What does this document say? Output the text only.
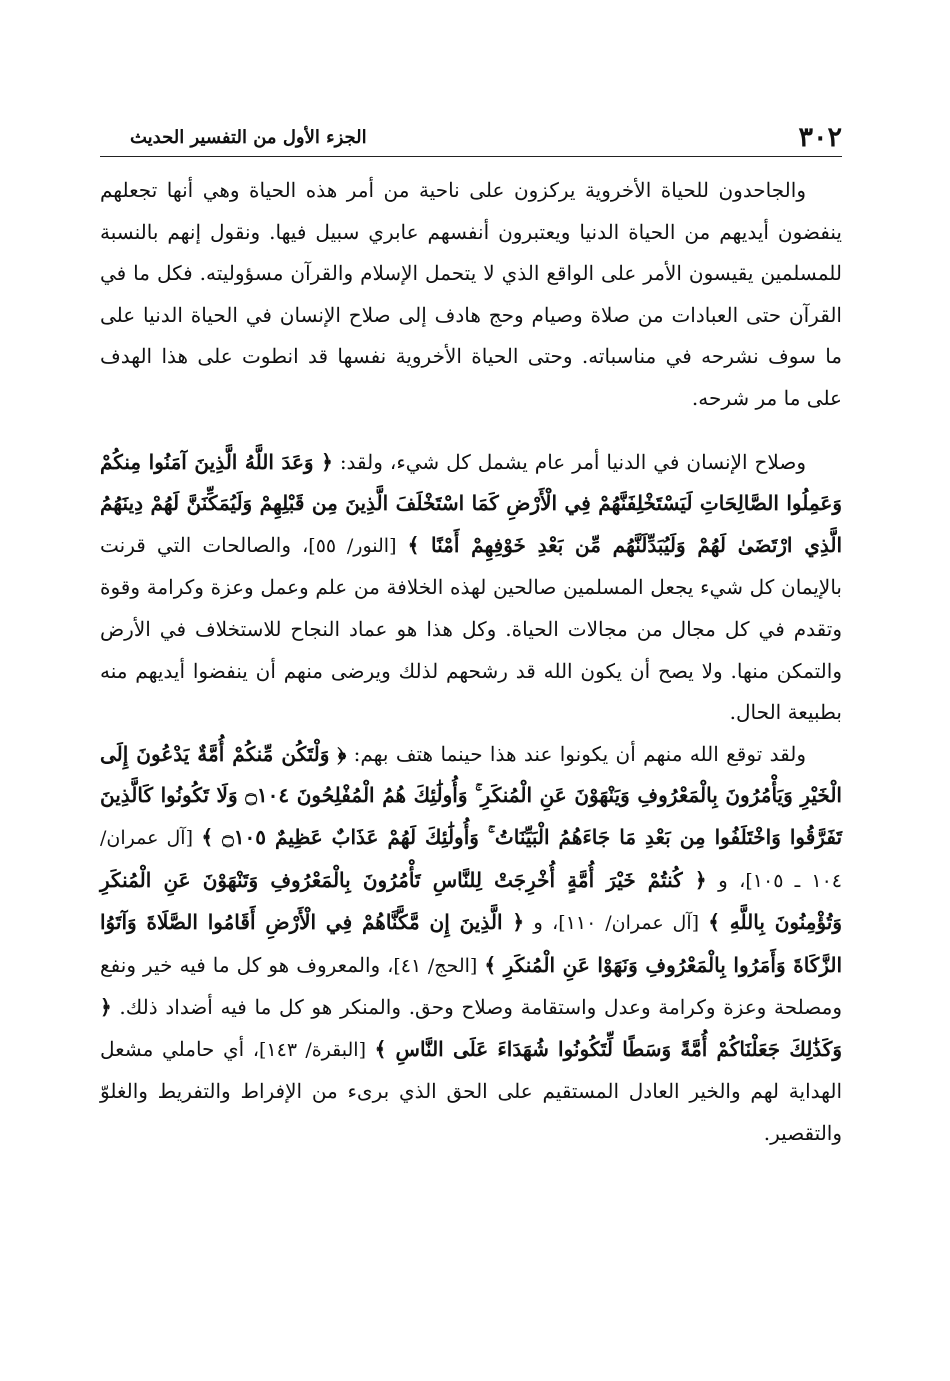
٣٠٢
الجزء الأول من التفسير الحديث

والجاحدون للحياة الأخروية يركزون على ناحية من أمر هذه الحياة وهي أنها تجعلهم ينفضون أيديهم من الحياة الدنيا ويعتبرون أنفسهم عابري سبيل فيها. ونقول إنهم بالنسبة للمسلمين يقيسون الأمر على الواقع الذي لا يتحمل الإسلام والقرآن مسؤوليته. فكل ما في القرآن حتى العبادات من صلاة وصيام وحج هادف إلى صلاح الإنسان في الحياة الدنيا على ما سوف نشرحه في مناسباته. وحتى الحياة الأخروية نفسها قد انطوت على هذا الهدف على ما مر شرحه.

وصلاح الإنسان في الدنيا أمر عام يشمل كل شيء، ولقد: ﴿ وَعَدَ اللَّهُ الَّذِينَ آمَنُوا مِنكُمْ وَعَمِلُوا الصَّالِحَاتِ لَيَسْتَخْلِفَنَّهُمْ فِي الْأَرْضِ كَمَا اسْتَخْلَفَ الَّذِينَ مِن قَبْلِهِمْ وَلَيُمَكِّنَنَّ لَهُمْ دِينَهُمُ الَّذِي ارْتَضَىٰ لَهُمْ وَلَيُبَدِّلَنَّهُم مِّن بَعْدِ خَوْفِهِمْ أَمْنًا ﴾ [النور/ ٥٥]، والصالحات التي قرنت بالإيمان كل شيء يجعل المسلمين صالحين لهذه الخلافة من علم وعمل وعزة وكرامة وقوة وتقدم في كل مجال من مجالات الحياة. وكل هذا هو عماد النجاح للاستخلاف في الأرض والتمكن منها. ولا يصح أن يكون الله قد رشحهم لذلك ويرضى منهم أن ينفضوا أيديهم منه بطبيعة الحال.

ولقد توقع الله منهم أن يكونوا عند هذا حينما هتف بهم: ﴿ وَلْتَكُن مِّنكُمْ أُمَّةٌ يَدْعُونَ إِلَى الْخَيْرِ وَيَأْمُرُونَ بِالْمَعْرُوفِ وَيَنْهَوْنَ عَنِ الْمُنكَرِ ۚ وَأُولَٰئِكَ هُمُ الْمُفْلِحُونَ ۝١٠٤ وَلَا تَكُونُوا كَالَّذِينَ تَفَرَّقُوا وَاخْتَلَفُوا مِن بَعْدِ مَا جَاءَهُمُ الْبَيِّنَاتُ ۚ وَأُولَٰئِكَ لَهُمْ عَذَابٌ عَظِيمٌ ۝١٠٥ ﴾ [آل عمران/ ١٠٤ ـ ١٠٥]، و ﴿ كُنتُمْ خَيْرَ أُمَّةٍ أُخْرِجَتْ لِلنَّاسِ تَأْمُرُونَ بِالْمَعْرُوفِ وَتَنْهَوْنَ عَنِ الْمُنكَرِ وَتُؤْمِنُونَ بِاللَّهِ ﴾ [آل عمران/ ١١٠]، و ﴿ الَّذِينَ إِن مَّكَّنَّاهُمْ فِي الْأَرْضِ أَقَامُوا الصَّلَاةَ وَآتَوُا الزَّكَاةَ وَأَمَرُوا بِالْمَعْرُوفِ وَنَهَوْا عَنِ الْمُنكَرِ ﴾ [الحج/ ٤١]، والمعروف هو كل ما فيه خير ونفع ومصلحة وعزة وكرامة وعدل واستقامة وصلاح وحق. والمنكر هو كل ما فيه أضداد ذلك. ﴿ وَكَذَٰلِكَ جَعَلْنَاكُمْ أُمَّةً وَسَطًا لِّتَكُونُوا شُهَدَاءَ عَلَى النَّاسِ ﴾ [البقرة/ ١٤٣]، أي حاملي مشعل الهداية لهم والخير العادل المستقيم على الحق الذي برىء من الإفراط والتفريط والغلوّ والتقصير.
